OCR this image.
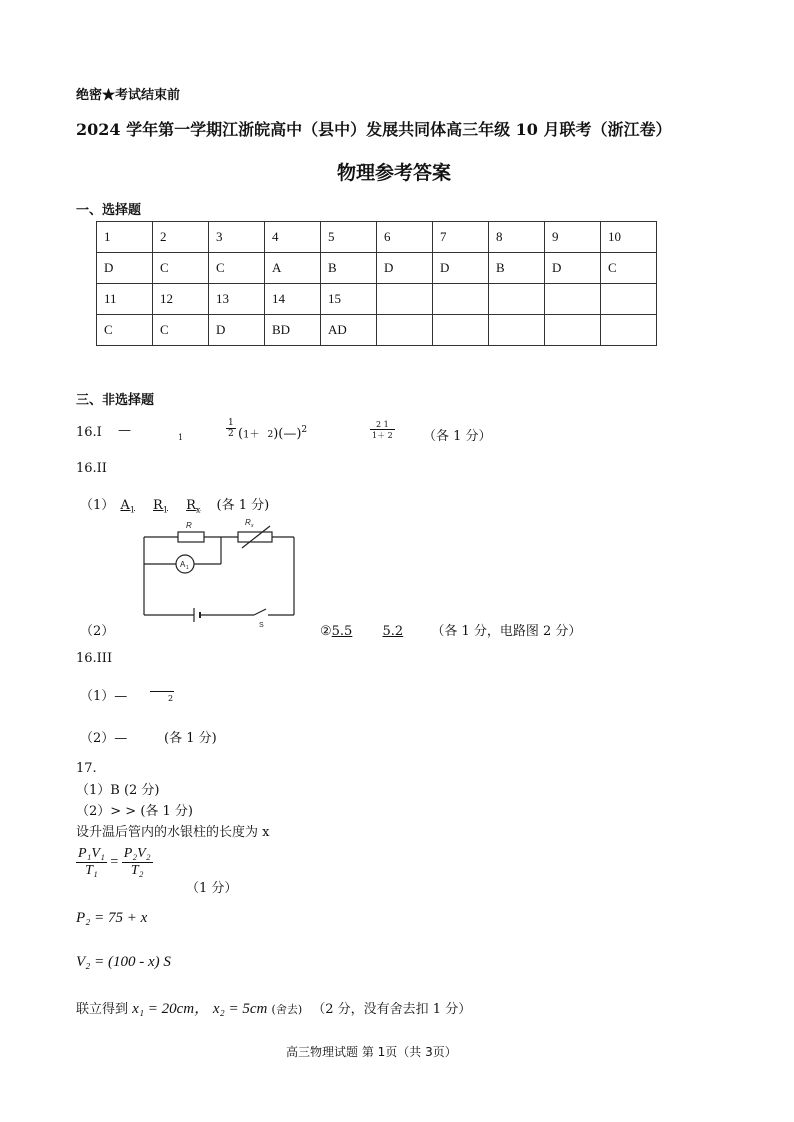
绝密★考试结束前
2024 学年第一学期江浙皖高中（县中）发展共同体高三年级 10 月联考（浙江卷）
物理参考答案
一、选择题
1	2	3	4	5	6	7	8	9	10
D	C	C	A	B	D	D	B	D	C
11	12	13	14	15					
C	C	D	BD	AD					
三、非选择题
16.I —	1	$\frac{1}{2} (1+$ 2)(—)$^2$	$\frac{2 1}{1+ 2}$ （各 1 分）
16.II
（1） $A_1$ $R_1$ $R_x$ (各 1 分)
R	R x
A 1
S
（2）	②5.5 5.2 （各 1 分，电路图 2 分）
16.III
（1）—	2
（2）—	(各 1 分)
17.
（1）B (2 分)
（2）> > (各 1 分)
设升温后管内的水银柱的长度为 x
$\frac{\text{P₁V₁}}{\text{T₁}} = \frac{\text{P₂V₂}}{\text{T₂}}$
（1 分）
P₂ = 75 + x
V₂ = (100 - x) S
联立得到 x₁ = 20cm， x₂ = 5cm (舍去) （2 分，没有舍去扣 1 分）
高三物理试题 第 1页（共 3页）
